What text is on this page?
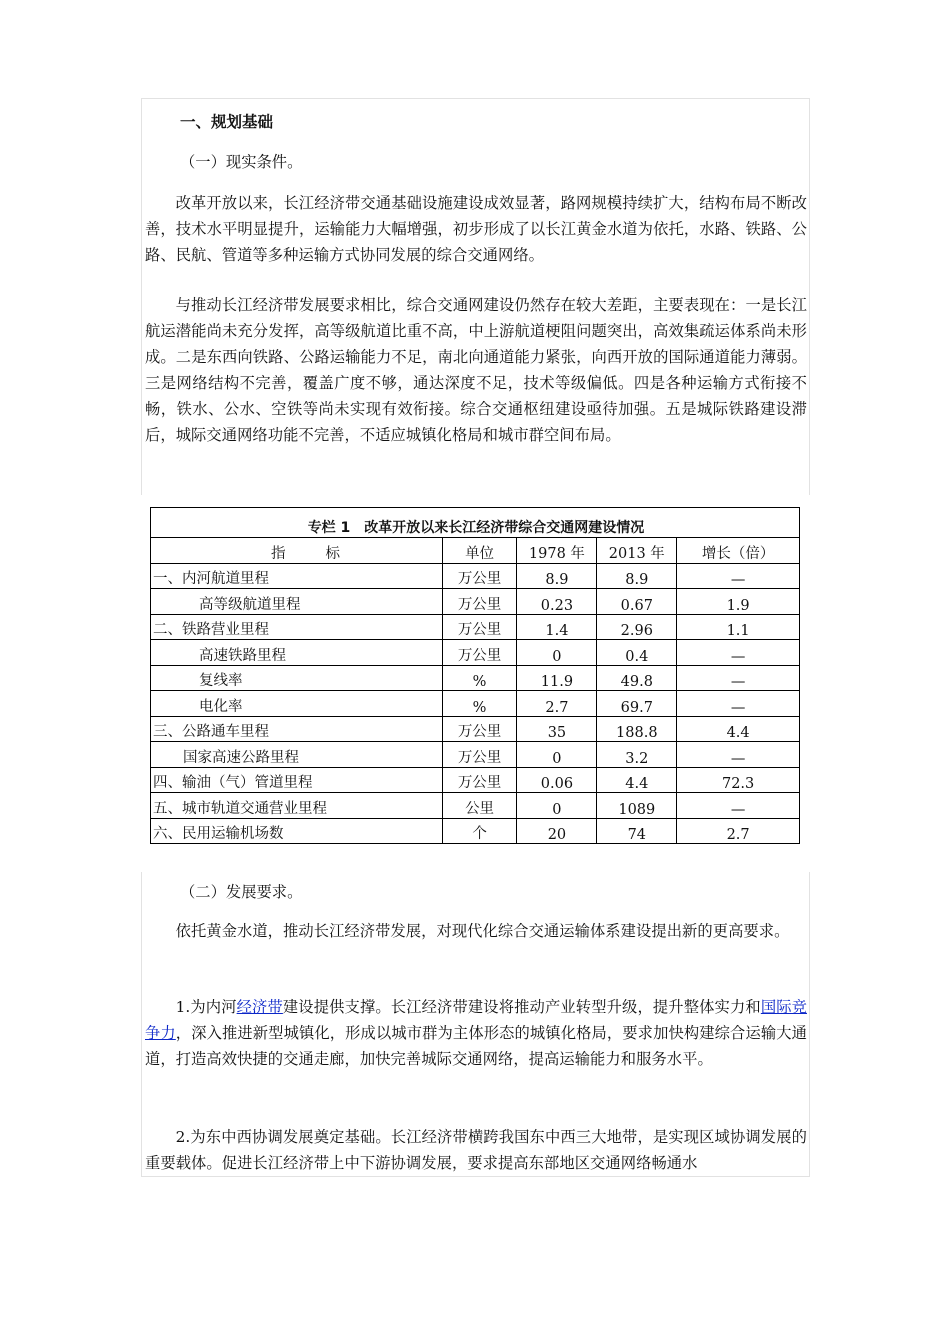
一、规划基础

（一）现实条件。

改革开放以来，长江经济带交通基础设施建设成效显著，路网规模持续扩大，结构布局不断改善，技术水平明显提升，运输能力大幅增强，初步形成了以长江黄金水道为依托，水路、铁路、公路、民航、管道等多种运输方式协同发展的综合交通网络。

与推动长江经济带发展要求相比，综合交通网建设仍然存在较大差距，主要表现在：一是长江航运潜能尚未充分发挥，高等级航道比重不高，中上游航道梗阻问题突出，高效集疏运体系尚未形成。二是东西向铁路、公路运输能力不足，南北向通道能力紧张，向西开放的国际通道能力薄弱。三是网络结构不完善，覆盖广度不够，通达深度不足，技术等级偏低。四是各种运输方式衔接不畅，铁水、公水、空铁等尚未实现有效衔接。综合交通枢纽建设亟待加强。五是城际铁路建设滞后，城际交通网络功能不完善，不适应城镇化格局和城市群空间布局。

专栏 1　改革开放以来长江经济带综合交通网建设情况				
指标	单位	1978 年	2013 年	增长（倍）
一、内河航道里程	万公里	8.9	8.9	—
高等级航道里程	万公里	0.23	0.67	1.9
二、铁路营业里程	万公里	1.4	2.96	1.1
高速铁路里程	万公里	0	0.4	—
复线率	%	11.9	49.8	—
电化率	%	2.7	69.7	—
三、公路通车里程	万公里	35	188.8	4.4
国家高速公路里程	万公里	0	3.2	—
四、输油（气）管道里程	万公里	0.06	4.4	72.3
五、城市轨道交通营业里程	公里	0	1089	—
六、民用运输机场数	个	20	74	2.7

（二）发展要求。

依托黄金水道，推动长江经济带发展，对现代化综合交通运输体系建设提出新的更高要求。

1.为内河经济带建设提供支撑。长江经济带建设将推动产业转型升级，提升整体实力和国际竞争力，深入推进新型城镇化，形成以城市群为主体形态的城镇化格局，要求加快构建综合运输大通道，打造高效快捷的交通走廊，加快完善城际交通网络，提高运输能力和服务水平。

2.为东中西协调发展奠定基础。长江经济带横跨我国东中西三大地带，是实现区域协调发展的重要载体。促进长江经济带上中下游协调发展，要求提高东部地区交通网络畅通水
